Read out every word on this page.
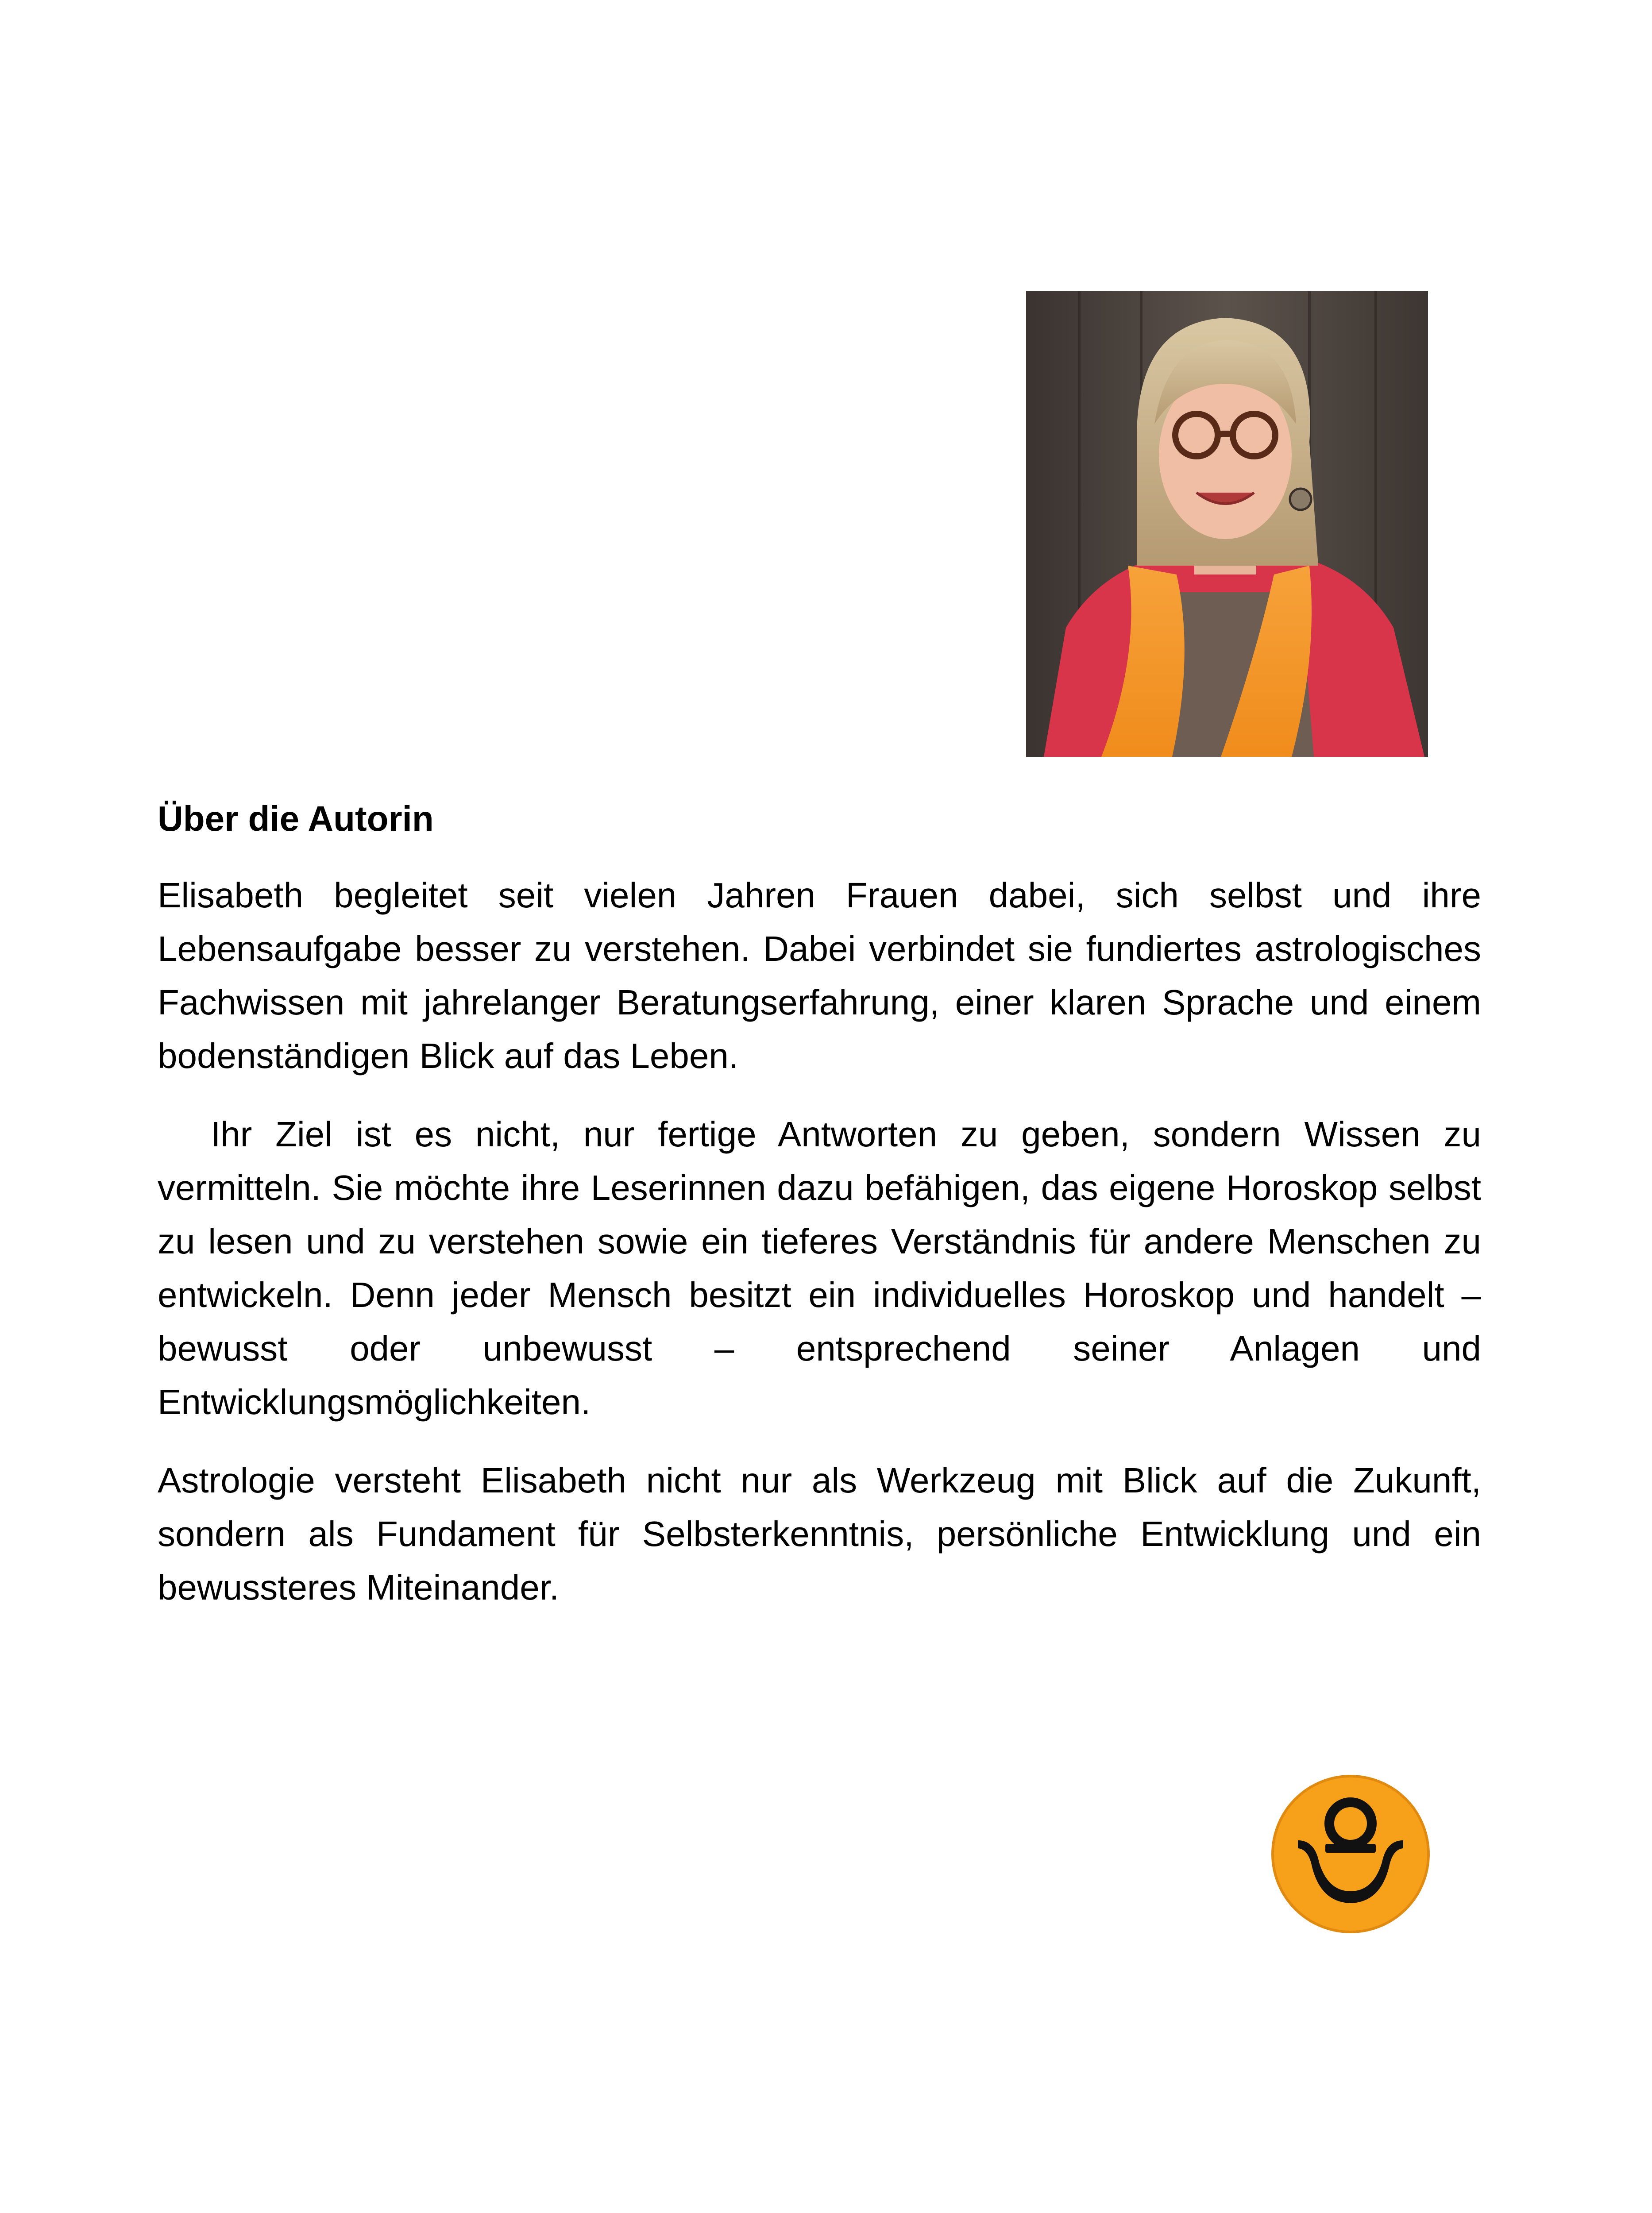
Über die Autorin

Elisabeth begleitet seit vielen Jahren Frauen dabei, sich selbst und ihre Lebensaufgabe besser zu verstehen. Dabei verbindet sie fundiertes astrologisches Fachwissen mit jahrelanger Beratungserfahrung, einer klaren Sprache und einem bodenständigen Blick auf das Leben.

Ihr Ziel ist es nicht, nur fertige Antworten zu geben, sondern Wissen zu vermitteln. Sie möchte ihre Leserinnen dazu befähigen, das eigene Horoskop selbst zu lesen und zu verstehen sowie ein tieferes Verständnis für andere Menschen zu entwickeln. Denn jeder Mensch besitzt ein individuelles Horoskop und handelt – bewusst oder unbewusst – entsprechend seiner Anlagen und Entwicklungsmöglichkeiten.

Astrologie versteht Elisabeth nicht nur als Werkzeug mit Blick auf die Zukunft, sondern als Fundament für Selbsterkenntnis, persönliche Entwicklung und ein bewussteres Miteinander.
